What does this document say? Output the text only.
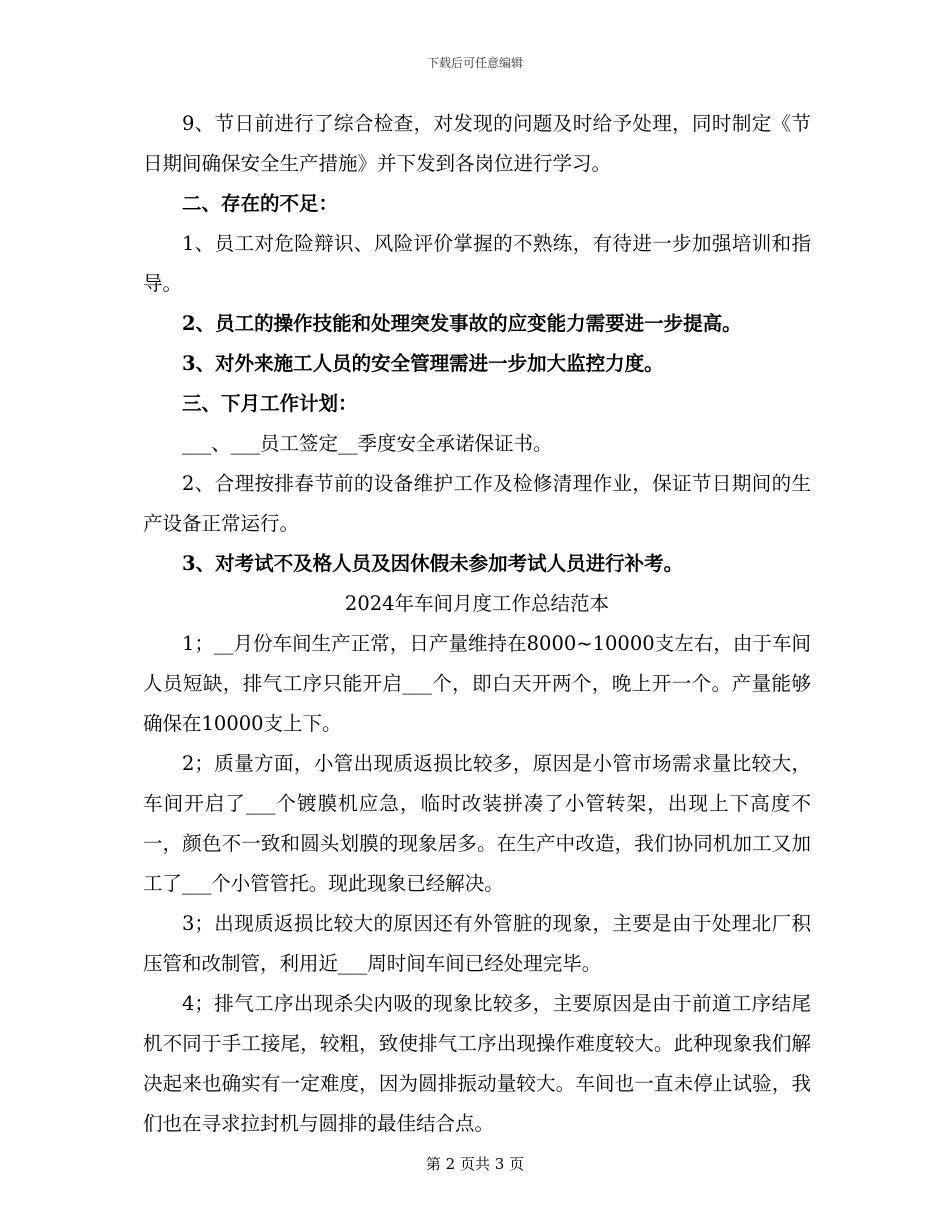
下载后可任意编辑

9、节日前进行了综合检查，对发现的问题及时给予处理，同时制定《节日期间确保安全生产措施》并下发到各岗位进行学习。

二、存在的不足：

1、员工对危险辩识、风险评价掌握的不熟练，有待进一步加强培训和指导。

2、员工的操作技能和处理突发事故的应变能力需要进一步提高。

3、对外来施工人员的安全管理需进一步加大监控力度。

三、下月工作计划：

___、___员工签定__季度安全承诺保证书。

2、合理按排春节前的设备维护工作及检修清理作业，保证节日期间的生产设备正常运行。

3、对考试不及格人员及因休假未参加考试人员进行补考。

2024年车间月度工作总结范本

1；__月份车间生产正常，日产量维持在8000~10000支左右，由于车间人员短缺，排气工序只能开启___个，即白天开两个，晚上开一个。产量能够确保在10000支上下。

2；质量方面，小管出现质返损比较多，原因是小管市场需求量比较大，车间开启了___个镀膜机应急，临时改装拼凑了小管转架，出现上下高度不一，颜色不一致和圆头划膜的现象居多。在生产中改造，我们协同机加工又加工了___个小管管托。现此现象已经解决。

3；出现质返损比较大的原因还有外管脏的现象，主要是由于处理北厂积压管和改制管，利用近___周时间车间已经处理完毕。

4；排气工序出现杀尖内吸的现象比较多，主要原因是由于前道工序结尾机不同于手工接尾，较粗，致使排气工序出现操作难度较大。此种现象我们解决起来也确实有一定难度，因为圆排振动量较大。车间也一直未停止试验，我们也在寻求拉封机与圆排的最佳结合点。

第 2 页共 3 页
